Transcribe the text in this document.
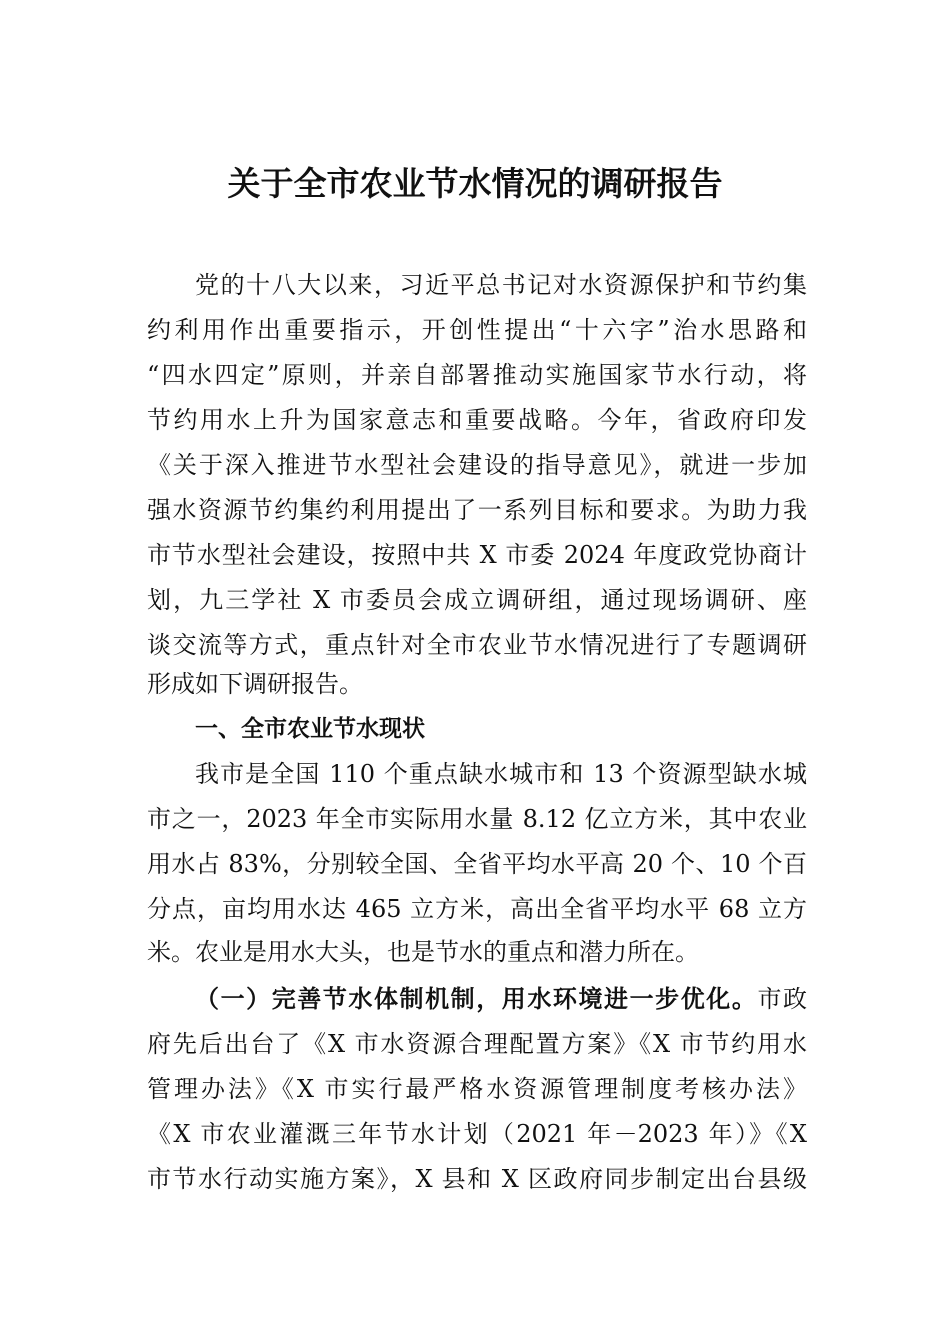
关于全市农业节水情况的调研报告
党的十八大以来，习近平总书记对水资源保护和节约集
约利用作出重要指示，开创性提出“十六字”治水思路和
“四水四定”原则，并亲自部署推动实施国家节水行动，将
节约用水上升为国家意志和重要战略。今年，省政府印发
《关于深入推进节水型社会建设的指导意见》，就进一步加
强水资源节约集约利用提出了一系列目标和要求。为助力我
市节水型社会建设，按照中共 X 市委 2024 年度政党协商计
划，九三学社 X 市委员会成立调研组，通过现场调研、座
谈交流等方式，重点针对全市农业节水情况进行了专题调研
形成如下调研报告。
一、全市农业节水现状
我市是全国 110 个重点缺水城市和 13 个资源型缺水城
市之一，2023 年全市实际用水量 8.12 亿立方米，其中农业
用水占 83%，分别较全国、全省平均水平高 20 个、10 个百
分点，亩均用水达 465 立方米，高出全省平均水平 68 立方
米。农业是用水大头，也是节水的重点和潜力所在。
（一）完善节水体制机制，用水环境进一步优化。市政
府先后出台了《X 市水资源合理配置方案》《X 市节约用水
管理办法》《X 市实行最严格水资源管理制度考核办法》
《X 市农业灌溉三年节水计划（2021 年－2023 年）》《X
市节水行动实施方案》，X 县和 X 区政府同步制定出台县级
